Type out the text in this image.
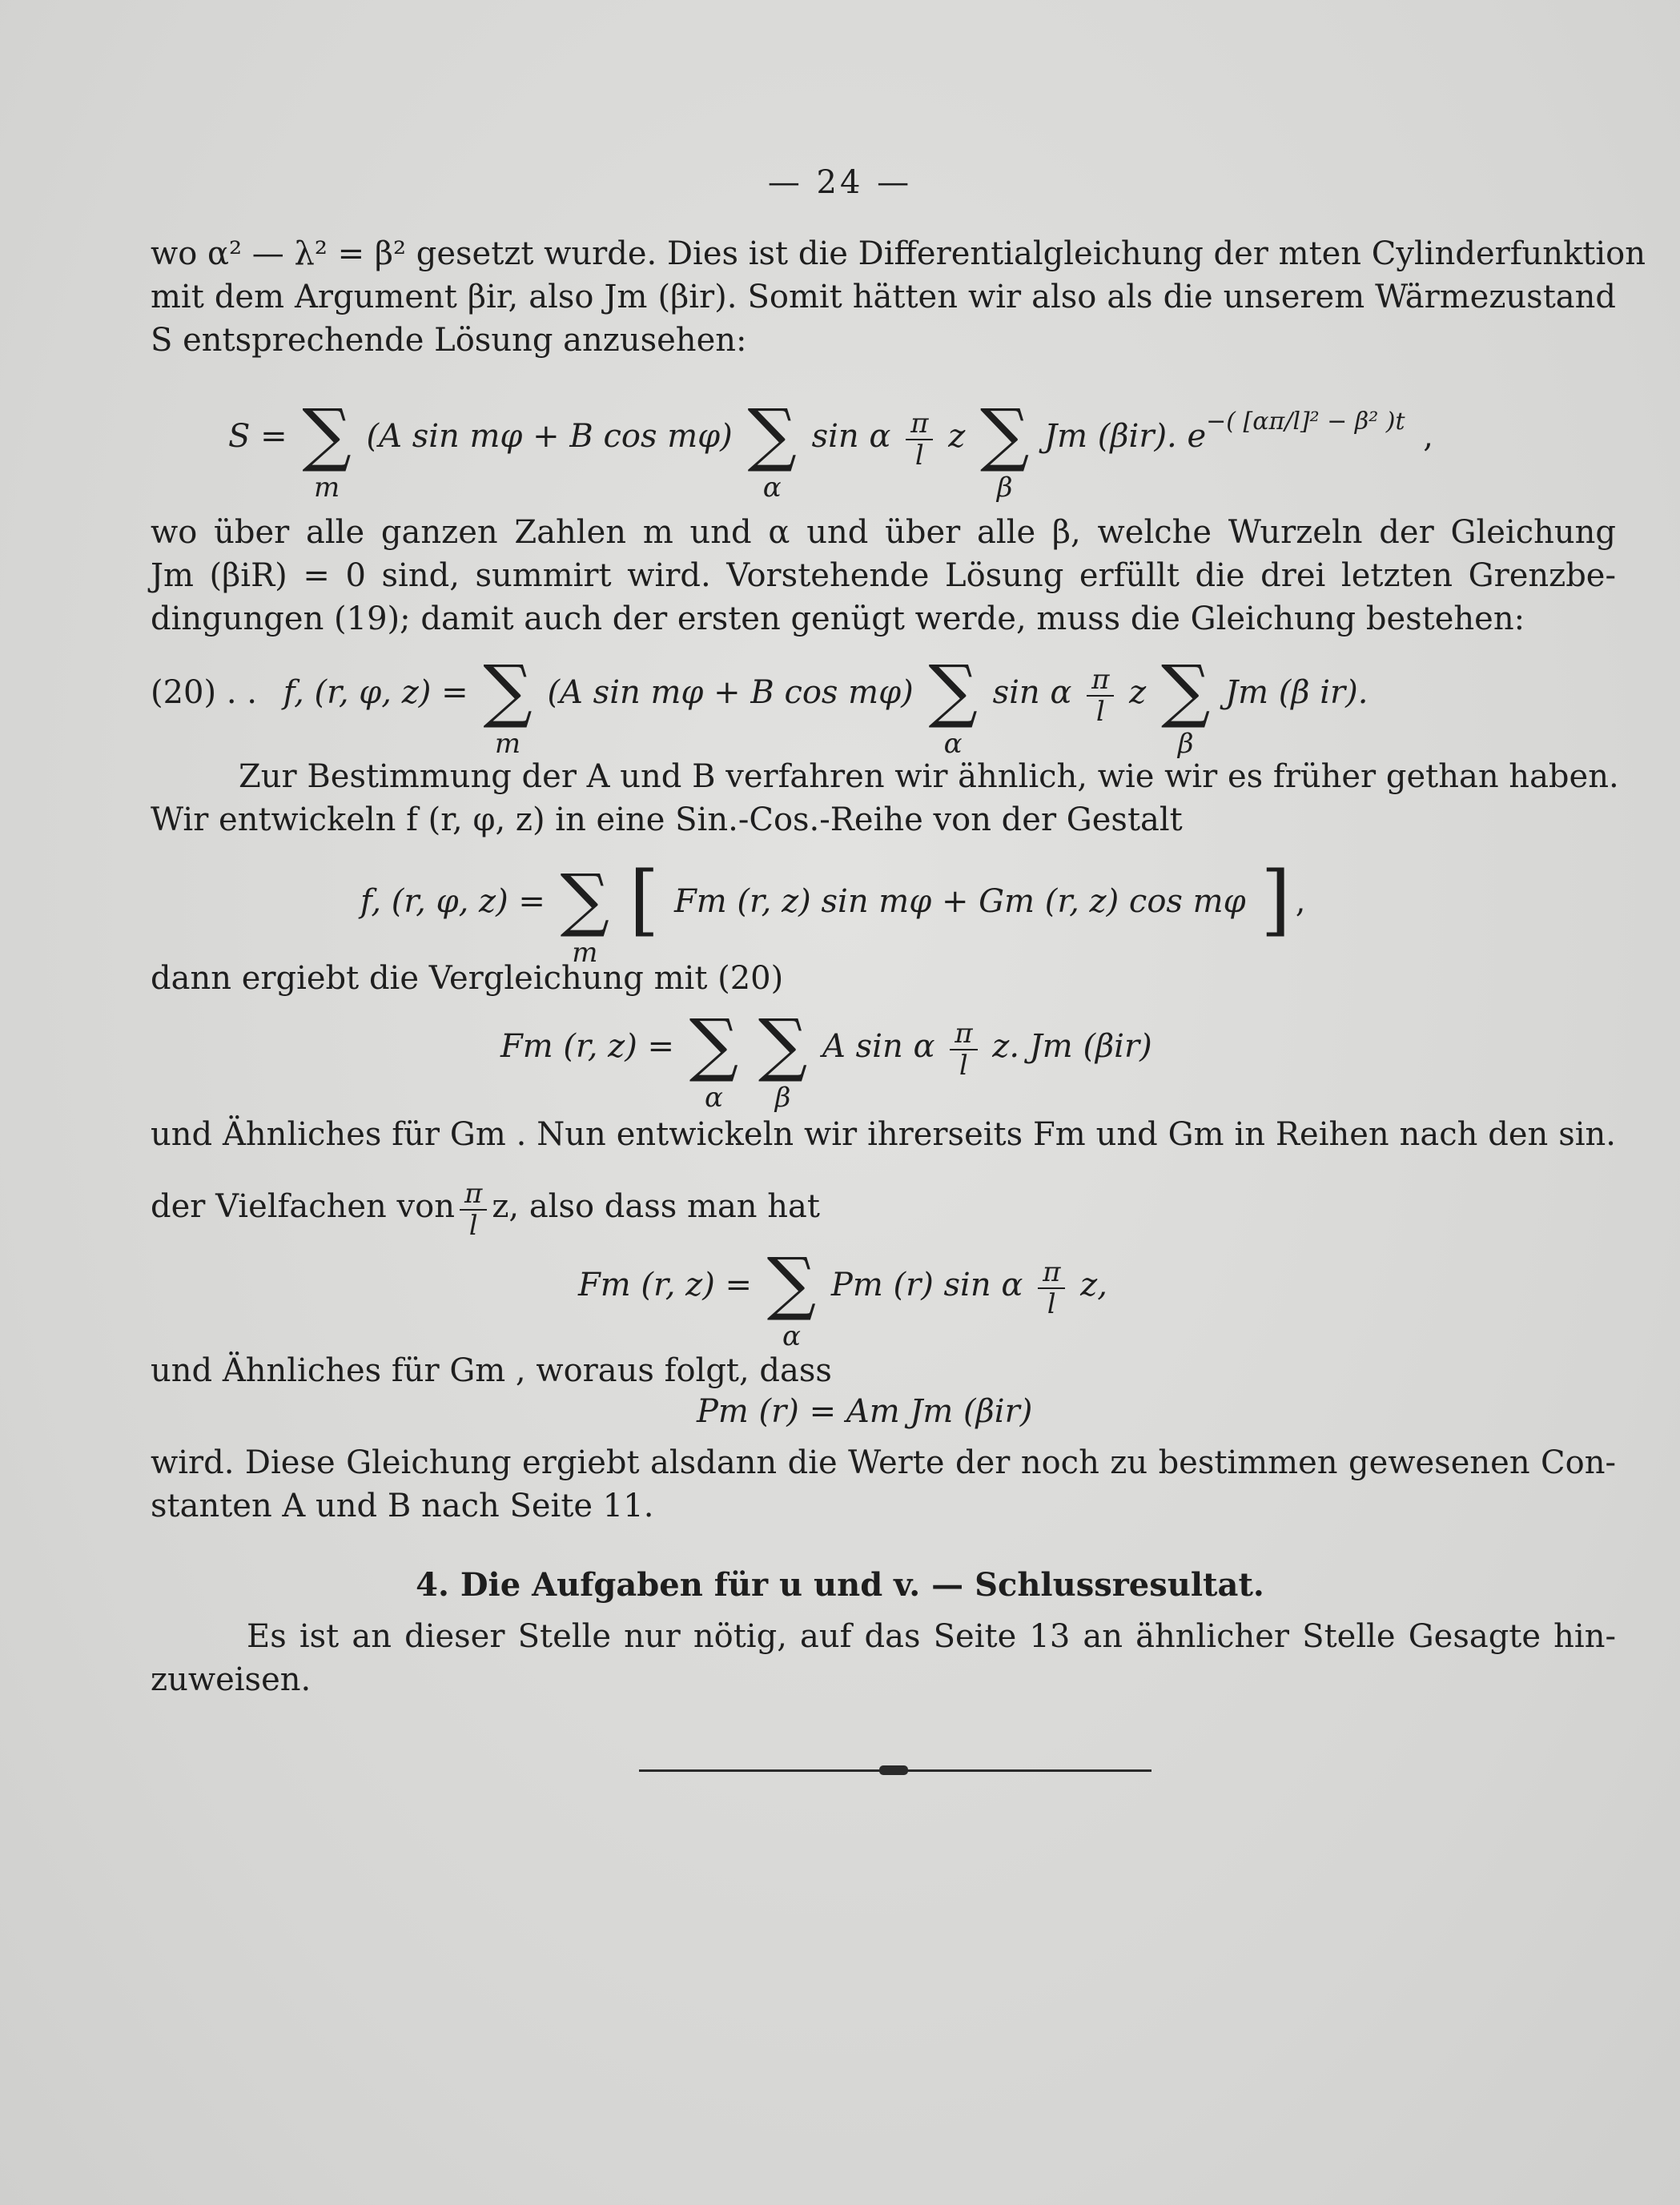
— 24 —
wo α² — λ² = β² gesetzt wurde. Dies ist die Differentialgleichung der mten Cylinderfunktion
mit dem Argument βir, also Jm (βir). Somit hätten wir also als die unserem Wärmezustand
S entsprechende Lösung anzusehen:
S = ∑
m
(A sin mφ + B cos mφ) ∑
α
sin α $\frac{\pi}{l}$ z ∑
β
Jm (βir). $e^{-( [\alpha\pi/l]^2 - \beta^2 )t}$ ,
wo über alle ganzen Zahlen m und α und über alle β, welche Wurzeln der Gleichung
Jm (βiR) = 0 sind, summirt wird. Vorstehende Lösung erfüllt die drei letzten Grenzbe-
dingungen (19); damit auch der ersten genügt werde, muss die Gleichung bestehen:
(20) . . f, (r, φ, z) = ∑
m
(A sin mφ + B cos mφ) ∑
α
sin α $\frac{\pi}{l}$ z ∑
β
Jm (β ir).
Zur Bestimmung der A und B verfahren wir ähnlich, wie wir es früher gethan haben.
Wir entwickeln f (r, φ, z) in eine Sin.-Cos.-Reihe von der Gestalt
f, (r, φ, z) = ∑
m
[ Fm (r, z) sin mφ + Gm (r, z) cos mφ ] ,
dann ergiebt die Vergleichung mit (20)
Fm (r, z) = ∑
α
∑
β
A sin α $\frac{\pi}{l} z$. Jm (βir)
und Ähnliches für Gm . Nun entwickeln wir ihrerseits Fm und Gm in Reihen nach den sin.
der Vielfachen von $\frac{\pi}{l} z$, also dass man hat
Fm (r, z) = ∑
α
Pm (r) sin α $\frac{\pi}{l} z$,
und Ähnliches für Gm , woraus folgt, dass
Pm (r) = Am Jm (βir)
wird. Diese Gleichung ergiebt alsdann die Werte der noch zu bestimmen gewesenen Con-
stanten A und B nach Seite 11.
4. Die Aufgaben für u und v. — Schlussresultat.
Es ist an dieser Stelle nur nötig, auf das Seite 13 an ähnlicher Stelle Gesagte hin-
zuweisen.
